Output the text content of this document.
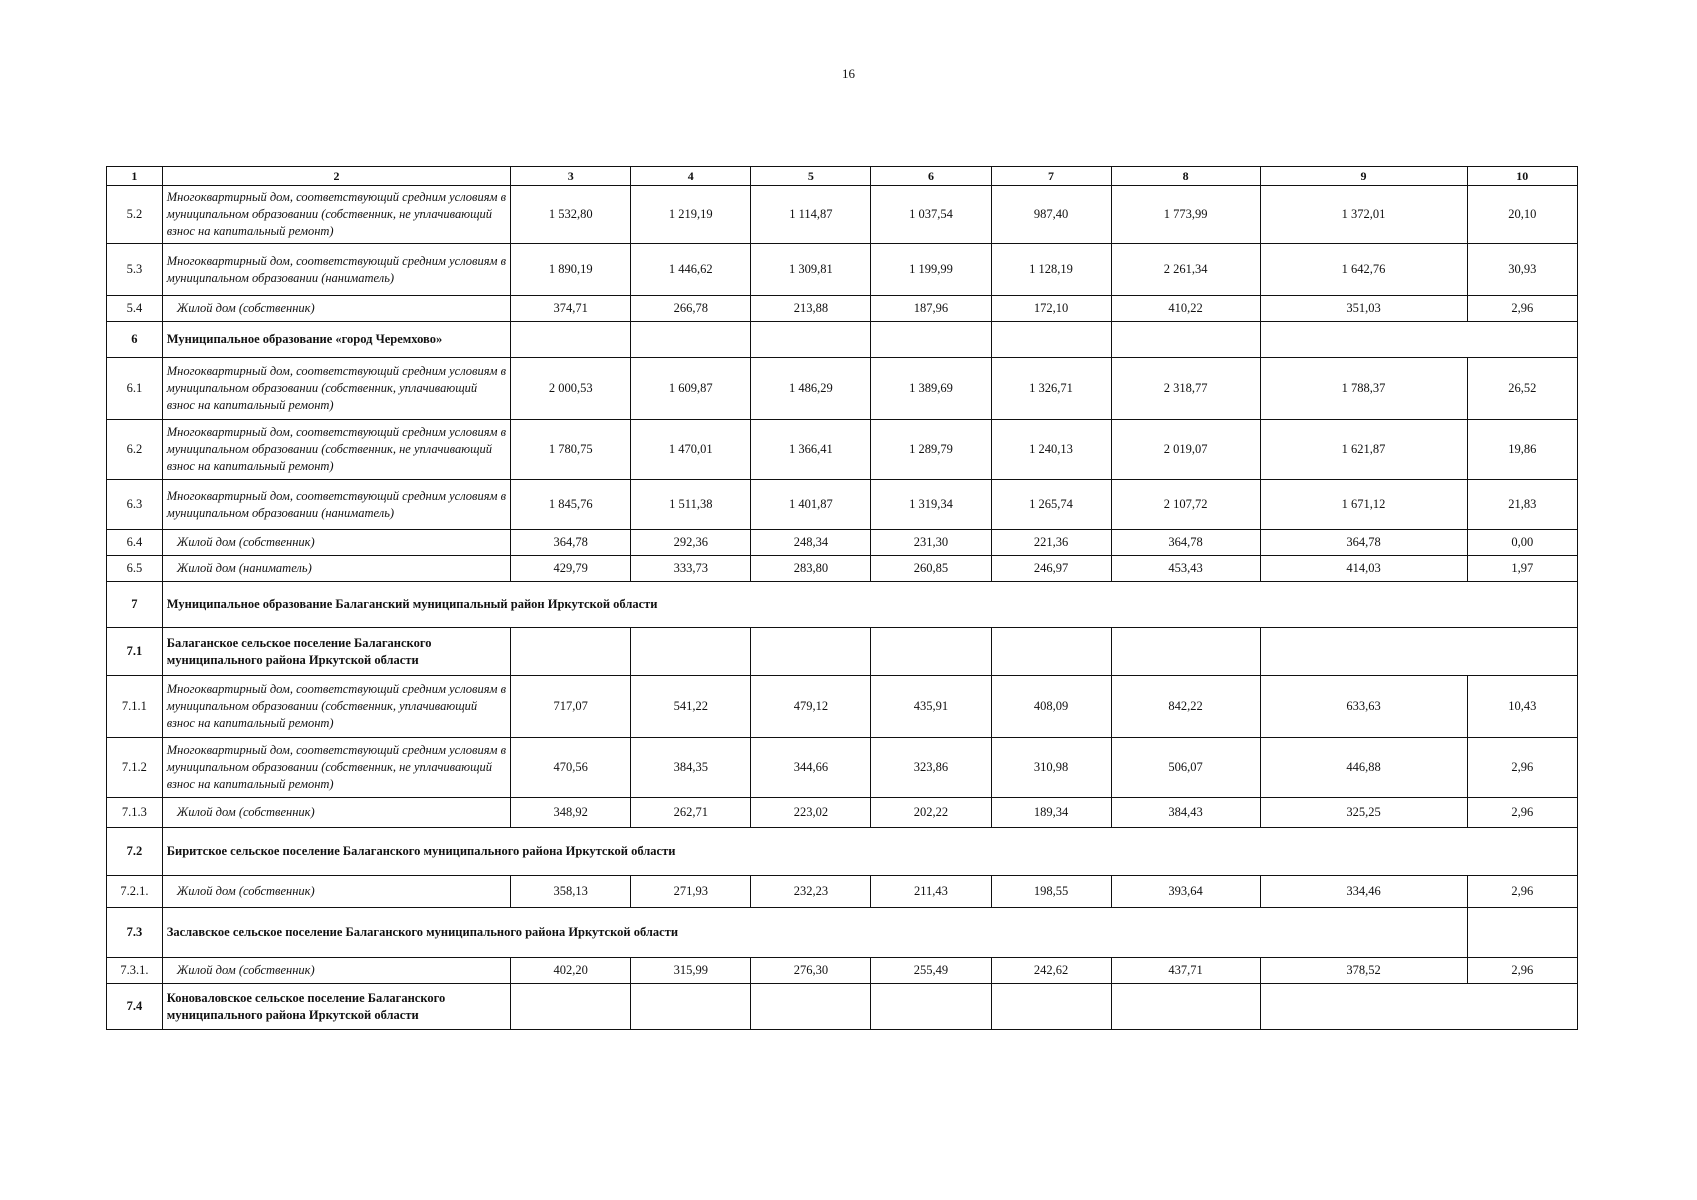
16
1	2	3	4	5	6	7	8	9	10
5.2	Многоквартирный дом, соответствующий средним условиям в муниципальном образовании (собственник, не уплачивающий взнос на капитальный ремонт)	1 532,80	1 219,19	1 114,87	1 037,54	987,40	1 773,99	1 372,01	20,10
5.3	Многоквартирный дом, соответствующий средним условиям в муниципальном образовании (наниматель)	1 890,19	1 446,62	1 309,81	1 199,99	1 128,19	2 261,34	1 642,76	30,93
5.4	Жилой дом (собственник)	374,71	266,78	213,88	187,96	172,10	410,22	351,03	2,96
6	Муниципальное образование «город Черемхово»								
6.1	Многоквартирный дом, соответствующий средним условиям в муниципальном образовании (собственник, уплачивающий взнос на капитальный ремонт)	2 000,53	1 609,87	1 486,29	1 389,69	1 326,71	2 318,77	1 788,37	26,52
6.2	Многоквартирный дом, соответствующий средним условиям в муниципальном образовании (собственник, не уплачивающий взнос на капитальный ремонт)	1 780,75	1 470,01	1 366,41	1 289,79	1 240,13	2 019,07	1 621,87	19,86
6.3	Многоквартирный дом, соответствующий средним условиям в муниципальном образовании (наниматель)	1 845,76	1 511,38	1 401,87	1 319,34	1 265,74	2 107,72	1 671,12	21,83
6.4	Жилой дом (собственник)	364,78	292,36	248,34	231,30	221,36	364,78	364,78	0,00
6.5	Жилой дом (наниматель)	429,79	333,73	283,80	260,85	246,97	453,43	414,03	1,97
7	Муниципальное образование Балаганский муниципальный район Иркутской области								
7.1	Балаганское сельское поселение Балаганского муниципального района Иркутской области								
7.1.1	Многоквартирный дом, соответствующий средним условиям в муниципальном образовании (собственник, уплачивающий взнос на капитальный ремонт)	717,07	541,22	479,12	435,91	408,09	842,22	633,63	10,43
7.1.2	Многоквартирный дом, соответствующий средним условиям в муниципальном образовании (собственник, не уплачивающий взнос на капитальный ремонт)	470,56	384,35	344,66	323,86	310,98	506,07	446,88	2,96
7.1.3	Жилой дом (собственник)	348,92	262,71	223,02	202,22	189,34	384,43	325,25	2,96
7.2	Биритское сельское поселение Балаганского муниципального района Иркутской области								
7.2.1.	Жилой дом (собственник)	358,13	271,93	232,23	211,43	198,55	393,64	334,46	2,96
7.3	Заславское сельское поселение Балаганского муниципального района Иркутской области								
7.3.1.	Жилой дом (собственник)	402,20	315,99	276,30	255,49	242,62	437,71	378,52	2,96
7.4	Коноваловское сельское поселение Балаганского муниципального района Иркутской области								
